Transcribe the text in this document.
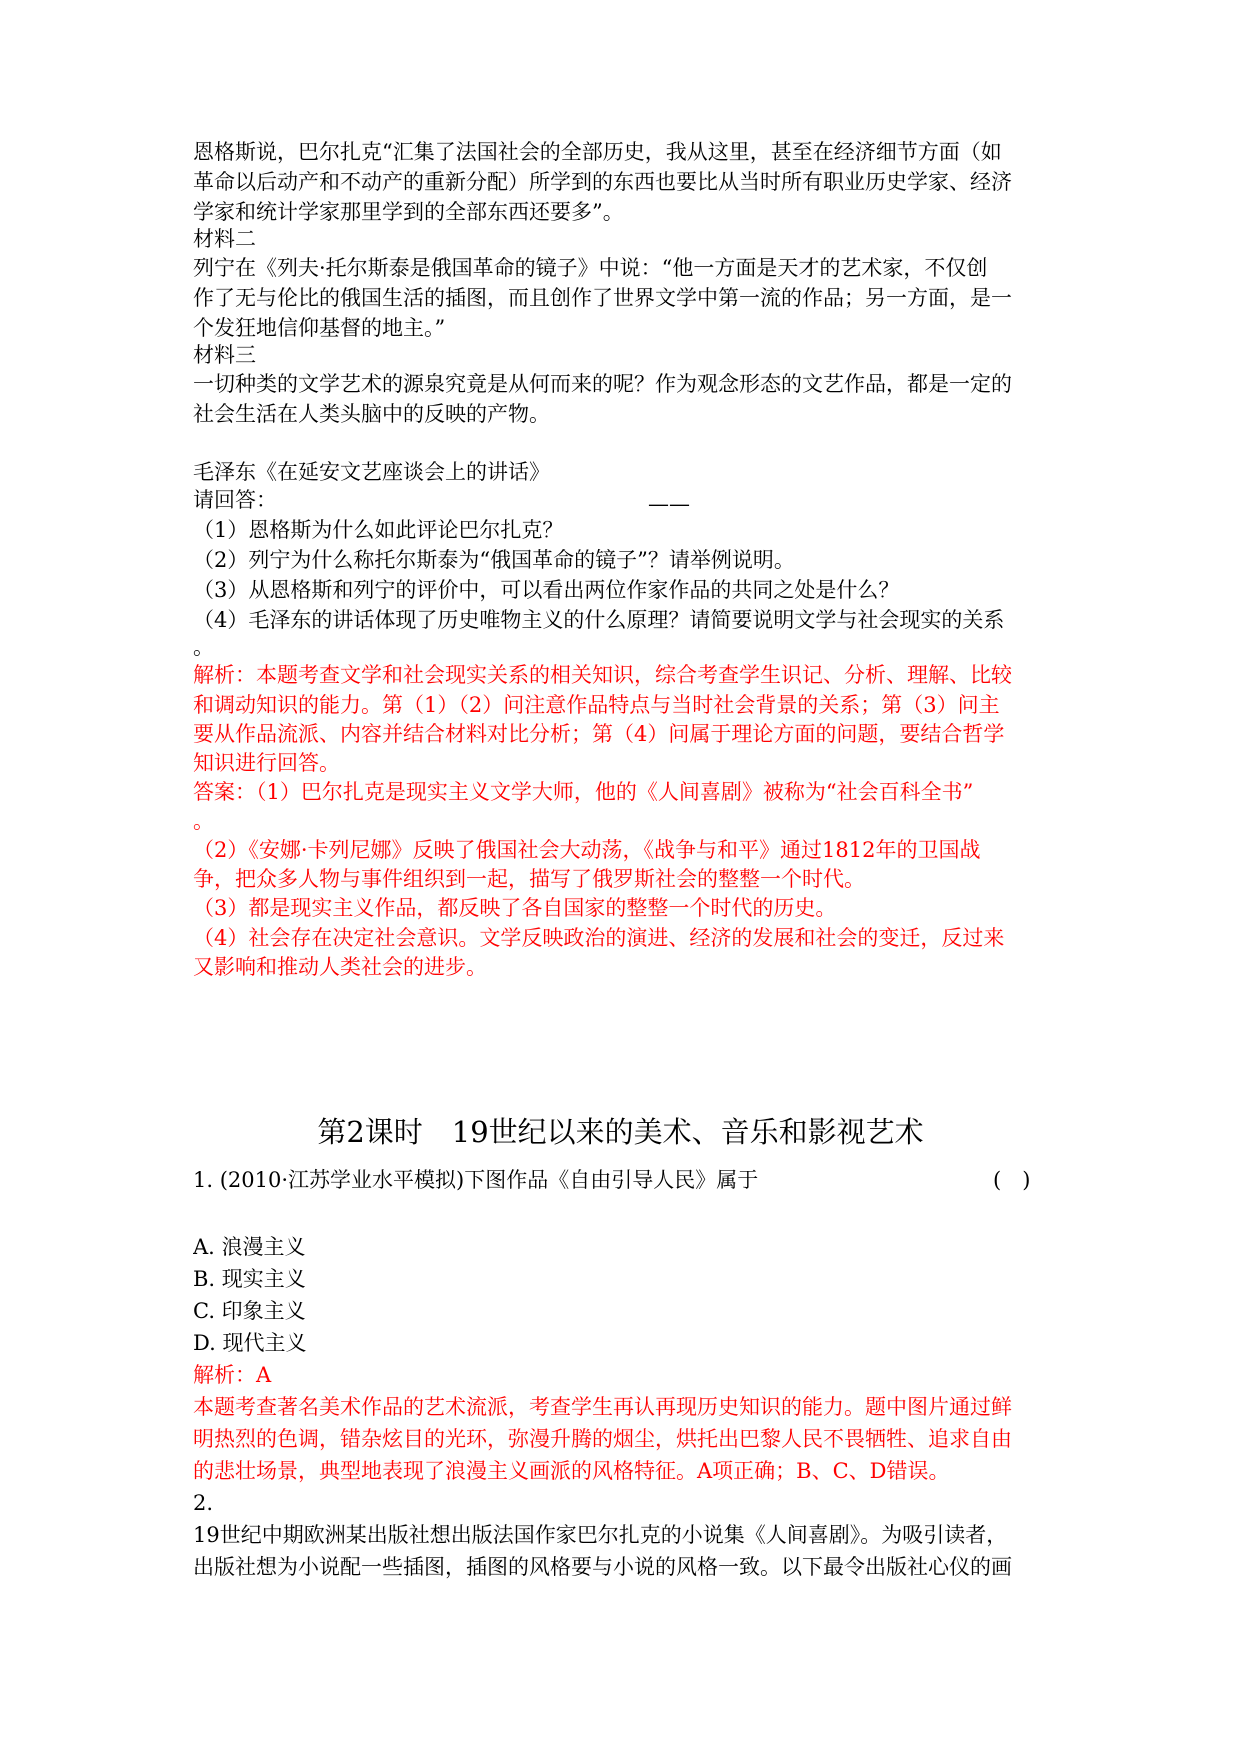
恩格斯说，巴尔扎克“汇集了法国社会的全部历史，我从这里，甚至在经济细节方面（如
革命以后动产和不动产的重新分配）所学到的东西也要比从当时所有职业历史学家、经济
学家和统计学家那里学到的全部东西还要多”。
材料二
列宁在《列夫·托尔斯泰是俄国革命的镜子》中说：“他一方面是天才的艺术家，不仅创
作了无与伦比的俄国生活的插图，而且创作了世界文学中第一流的作品；另一方面，是一
个发狂地信仰基督的地主。”
材料三
一切种类的文学艺术的源泉究竟是从何而来的呢？作为观念形态的文艺作品，都是一定的
社会生活在人类头脑中的反映的产物。
——
毛泽东《在延安文艺座谈会上的讲话》
请回答：
（1）恩格斯为什么如此评论巴尔扎克？
（2）列宁为什么称托尔斯泰为“俄国革命的镜子”？请举例说明。
（3）从恩格斯和列宁的评价中，可以看出两位作家作品的共同之处是什么？
（4）毛泽东的讲话体现了历史唯物主义的什么原理？请简要说明文学与社会现实的关系
。
解析：本题考查文学和社会现实关系的相关知识，综合考查学生识记、分析、理解、比较
和调动知识的能力。第（1）（2）问注意作品特点与当时社会背景的关系；第（3）问主
要从作品流派、内容并结合材料对比分析；第（4）问属于理论方面的问题，要结合哲学
知识进行回答。
答案：（1）巴尔扎克是现实主义文学大师，他的《人间喜剧》被称为“社会百科全书”
。
（2）《安娜·卡列尼娜》反映了俄国社会大动荡，《战争与和平》通过1812年的卫国战
争，把众多人物与事件组织到一起，描写了俄罗斯社会的整整一个时代。
（3）都是现实主义作品，都反映了各自国家的整整一个时代的历史。
（4）社会存在决定社会意识。文学反映政治的演进、经济的发展和社会的变迁，反过来
又影响和推动人类社会的进步。
第2课时　19世纪以来的美术、音乐和影视艺术
1. (2010·江苏学业水平模拟)下图作品《自由引导人民》属于	(　)
A. 浪漫主义
B. 现实主义
C. 印象主义
D. 现代主义
解析：A
本题考查著名美术作品的艺术流派，考查学生再认再现历史知识的能力。题中图片通过鲜
明热烈的色调，错杂炫目的光环，弥漫升腾的烟尘，烘托出巴黎人民不畏牺牲、追求自由
的悲壮场景，典型地表现了浪漫主义画派的风格特征。A项正确；B、C、D错误。
2.
19世纪中期欧洲某出版社想出版法国作家巴尔扎克的小说集《人间喜剧》。为吸引读者，
出版社想为小说配一些插图，插图的风格要与小说的风格一致。以下最令出版社心仪的画
